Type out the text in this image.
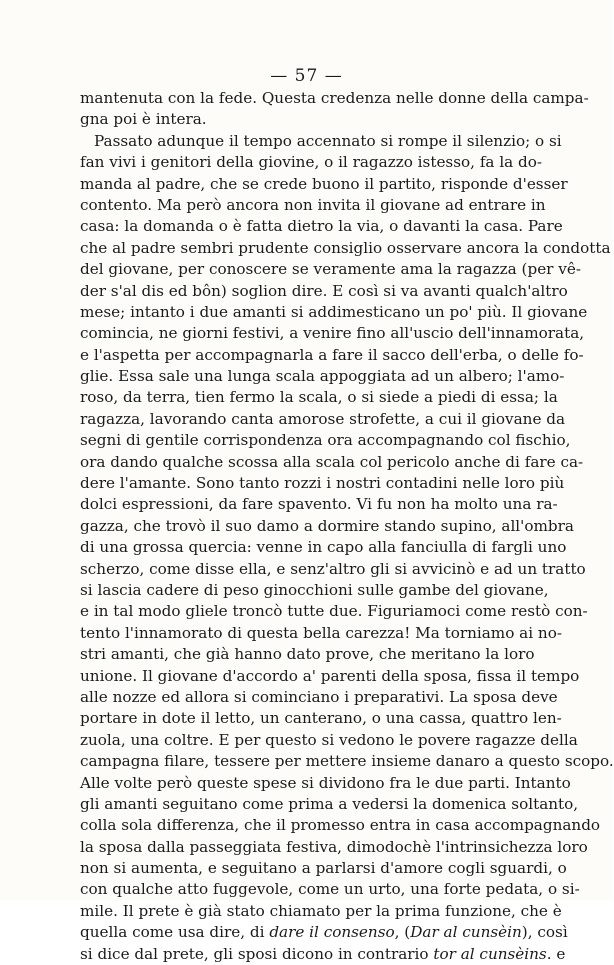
— 57 —
mantenuta con la fede. Questa credenza nelle donne della campa-
gna poi è intera.
Passato adunque il tempo accennato si rompe il silenzio; o si
fan vivi i genitori della giovine, o il ragazzo istesso, fa la do-
manda al padre, che se crede buono il partito, risponde d'esser
contento. Ma però ancora non invita il giovane ad entrare in
casa: la domanda o è fatta dietro la via, o davanti la casa. Pare
che al padre sembri prudente consiglio osservare ancora la condotta
del giovane, per conoscere se veramente ama la ragazza (per vê-
der s'al dis ed bôn) soglion dire. E così si va avanti qualch'altro
mese; intanto i due amanti si addimesticano un po' più. Il giovane
comincia, ne giorni festivi, a venire fino all'uscio dell'innamorata,
e l'aspetta per accompagnarla a fare il sacco dell'erba, o delle fo-
glie. Essa sale una lunga scala appoggiata ad un albero; l'amo-
roso, da terra, tien fermo la scala, o si siede a piedi di essa; la
ragazza, lavorando canta amorose strofette, a cui il giovane da
segni di gentile corrispondenza ora accompagnando col fischio,
ora dando qualche scossa alla scala col pericolo anche di fare ca-
dere l'amante. Sono tanto rozzi i nostri contadini nelle loro più
dolci espressioni, da fare spavento. Vi fu non ha molto una ra-
gazza, che trovò il suo damo a dormire stando supino, all'ombra
di una grossa quercia: venne in capo alla fanciulla di fargli uno
scherzo, come disse ella, e senz'altro gli si avvicinò e ad un tratto
si lascia cadere di peso ginocchioni sulle gambe del giovane,
e in tal modo gliele troncò tutte due. Figuriamoci come restò con-
tento l'innamorato di questa bella carezza! Ma torniamo ai no-
stri amanti, che già hanno dato prove, che meritano la loro
unione. Il giovane d'accordo a' parenti della sposa, fissa il tempo
alle nozze ed allora si cominciano i preparativi. La sposa deve
portare in dote il letto, un canterano, o una cassa, quattro len-
zuola, una coltre. E per questo si vedono le povere ragazze della
campagna filare, tessere per mettere insieme danaro a questo scopo.
Alle volte però queste spese si dividono fra le due parti. Intanto
gli amanti seguitano come prima a vedersi la domenica soltanto,
colla sola differenza, che il promesso entra in casa accompagnando
la sposa dalla passeggiata festiva, dimodochè l'intrinsichezza loro
non si aumenta, e seguitano a parlarsi d'amore cogli sguardi, o
con qualche atto fuggevole, come un urto, una forte pedata, o si-
mile. Il prete è già stato chiamato per la prima funzione, che è
quella come usa dire, di dare il consenso, (Dar al cunsèin), così
si dice dal prete, gli sposi dicono in contrario tor al cunsèins. e
